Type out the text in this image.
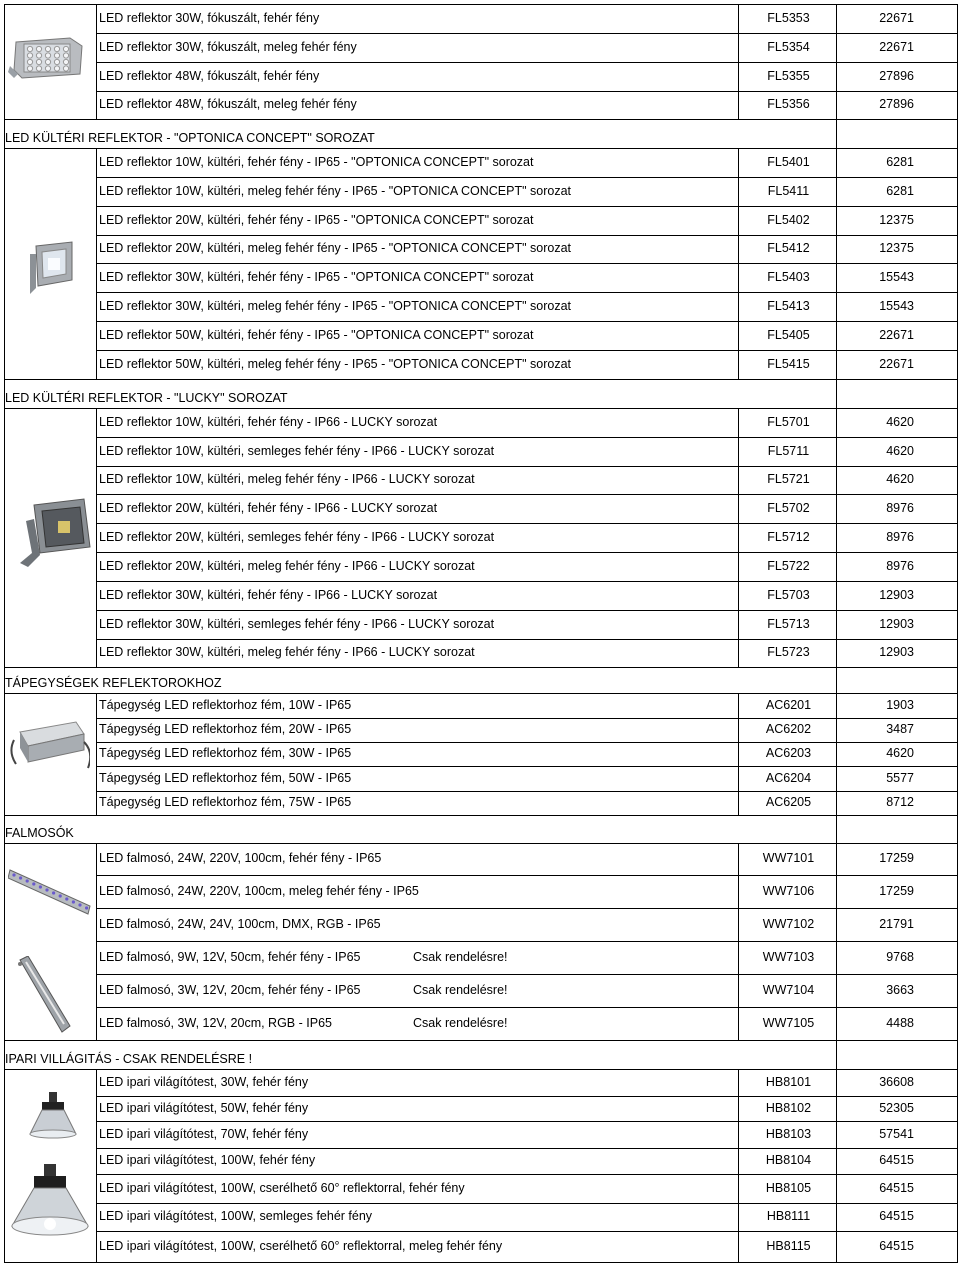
LED reflektor 30W, fókuszált, fehér fény	FL5353	22671
LED reflektor 30W, fókuszált, meleg fehér fény	FL5354	22671
LED reflektor 48W, fókuszált, fehér fény	FL5355	27896
LED reflektor 48W, fókuszált, meleg fehér fény	FL5356	27896
LED KÜLTÉRI REFLEKTOR - "OPTONICA CONCEPT" SOROZAT
LED reflektor 10W, kültéri, fehér fény - IP65 - "OPTONICA CONCEPT" sorozat	FL5401	6281
LED reflektor 10W, kültéri, meleg fehér fény - IP65 - "OPTONICA CONCEPT" sorozat	FL5411	6281
LED reflektor 20W, kültéri, fehér fény - IP65 - "OPTONICA CONCEPT" sorozat	FL5402	12375
LED reflektor 20W, kültéri, meleg fehér fény - IP65 - "OPTONICA CONCEPT" sorozat	FL5412	12375
LED reflektor 30W, kültéri, fehér fény - IP65 - "OPTONICA CONCEPT" sorozat	FL5403	15543
LED reflektor 30W, kültéri, meleg fehér fény - IP65 - "OPTONICA CONCEPT" sorozat	FL5413	15543
LED reflektor 50W, kültéri, fehér fény - IP65 - "OPTONICA CONCEPT" sorozat	FL5405	22671
LED reflektor 50W, kültéri, meleg fehér fény - IP65 - "OPTONICA CONCEPT" sorozat	FL5415	22671
LED KÜLTÉRI REFLEKTOR - "LUCKY" SOROZAT
LED reflektor 10W, kültéri, fehér fény - IP66 - LUCKY sorozat	FL5701	4620
LED reflektor 10W, kültéri, semleges fehér fény - IP66 - LUCKY sorozat	FL5711	4620
LED reflektor 10W, kültéri, meleg fehér fény - IP66 - LUCKY sorozat	FL5721	4620
LED reflektor 20W, kültéri, fehér fény - IP66 - LUCKY sorozat	FL5702	8976
LED reflektor 20W, kültéri, semleges fehér fény - IP66 - LUCKY sorozat	FL5712	8976
LED reflektor 20W, kültéri, meleg fehér fény - IP66 - LUCKY sorozat	FL5722	8976
LED reflektor 30W, kültéri, fehér fény - IP66 - LUCKY sorozat	FL5703	12903
LED reflektor 30W, kültéri, semleges fehér fény - IP66 - LUCKY sorozat	FL5713	12903
LED reflektor 30W, kültéri, meleg fehér fény - IP66 - LUCKY sorozat	FL5723	12903
TÁPEGYSÉGEK REFLEKTOROKHOZ
Tápegység LED reflektorhoz fém, 10W - IP65	AC6201	1903
Tápegység LED reflektorhoz fém, 20W - IP65	AC6202	3487
Tápegység LED reflektorhoz fém, 30W - IP65	AC6203	4620
Tápegység LED reflektorhoz fém, 50W - IP65	AC6204	5577
Tápegység LED reflektorhoz fém, 75W - IP65	AC6205	8712
FALMOSÓK
LED falmosó, 24W, 220V, 100cm, fehér fény - IP65	WW7101	17259
LED falmosó, 24W, 220V, 100cm, meleg fehér fény - IP65	WW7106	17259
LED falmosó, 24W, 24V, 100cm, DMX, RGB - IP65	WW7102	21791
LED falmosó, 9W, 12V, 50cm, fehér fény - IP65	Csak rendelésre!	WW7103	9768
LED falmosó, 3W, 12V, 20cm, fehér fény - IP65	Csak rendelésre!	WW7104	3663
LED falmosó, 3W, 12V, 20cm, RGB - IP65	Csak rendelésre!	WW7105	4488
IPARI VILLÁGITÁS - CSAK RENDELÉSRE !
LED ipari világítótest, 30W, fehér fény	HB8101	36608
LED ipari világítótest, 50W, fehér fény	HB8102	52305
LED ipari világítótest, 70W, fehér fény	HB8103	57541
LED ipari világítótest, 100W, fehér fény	HB8104	64515
LED ipari világítótest, 100W, cserélhető 60° reflektorral, fehér fény	HB8105	64515
LED ipari világítótest, 100W, semleges fehér fény	HB8111	64515
LED ipari világítótest, 100W, cserélhető 60° reflektorral, meleg fehér fény	HB8115	64515
